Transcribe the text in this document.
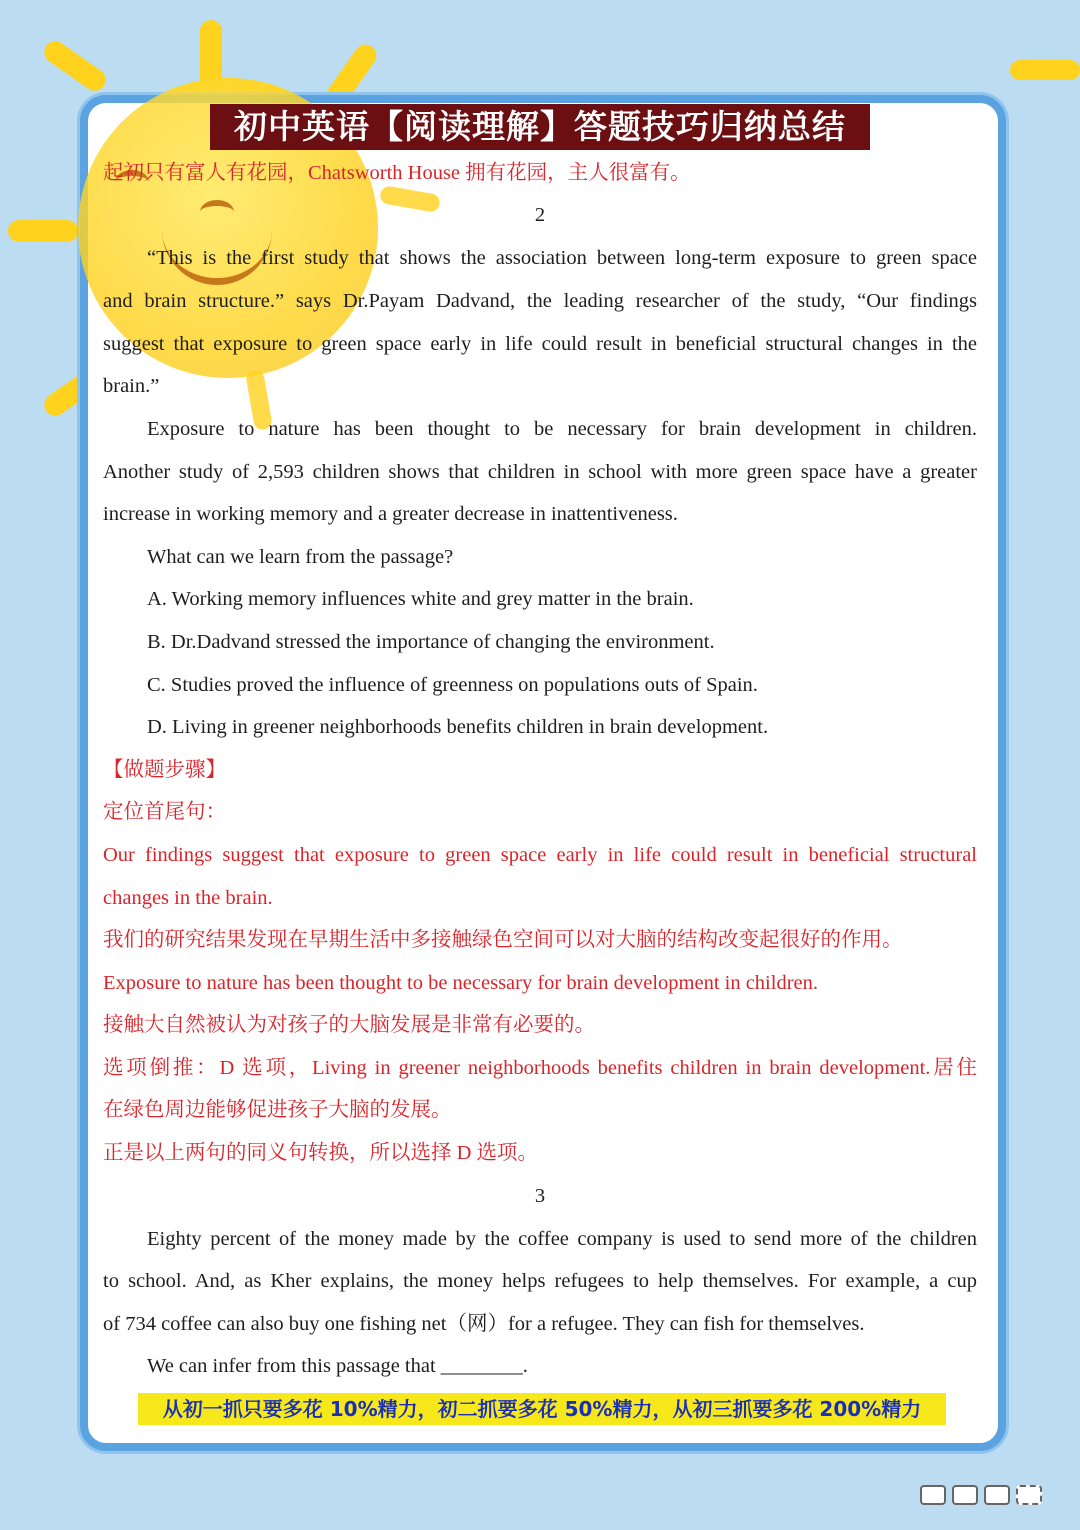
初中英语【阅读理解】答题技巧归纳总结
起初只有富人有花园，Chatsworth House 拥有花园，主人很富有。
2
“This is the first study that shows the association between long-term exposure to green space
and brain structure.” says Dr.Payam Dadvand, the leading researcher of the study, “Our findings
suggest that exposure to green space early in life could result in beneficial structural changes in the
brain.”
Exposure to nature has been thought to be necessary for brain development in children.
Another study of 2,593 children shows that children in school with more green space have a greater
increase in working memory and a greater decrease in inattentiveness.
What can we learn from the passage?
A. Working memory influences white and grey matter in the brain.
B. Dr.Dadvand stressed the importance of changing the environment.
C. Studies proved the influence of greenness on populations outs of Spain.
D. Living in greener neighborhoods benefits children in brain development.
【做题步骤】
定位首尾句：
Our findings suggest that exposure to green space early in life could result in beneficial structural
changes in the brain.
我们的研究结果发现在早期生活中多接触绿色空间可以对大脑的结构改变起很好的作用。
Exposure to nature has been thought to be necessary for brain development in children.
接触大自然被认为对孩子的大脑发展是非常有必要的。
选项倒推：D 选项，Living in greener neighborhoods benefits children in brain development.居住
在绿色周边能够促进孩子大脑的发展。
正是以上两句的同义句转换，所以选择 D 选项。
3
Eighty percent of the money made by the coffee company is used to send more of the children
to school. And, as Kher explains, the money helps refugees to help themselves. For example, a cup
of 734 coffee can also buy one fishing net（网）for a refugee. They can fish for themselves.
We can infer from this passage that ________.
从初一抓只要多花 10%精力，初二抓要多花 50%精力，从初三抓要多花 200%精力
